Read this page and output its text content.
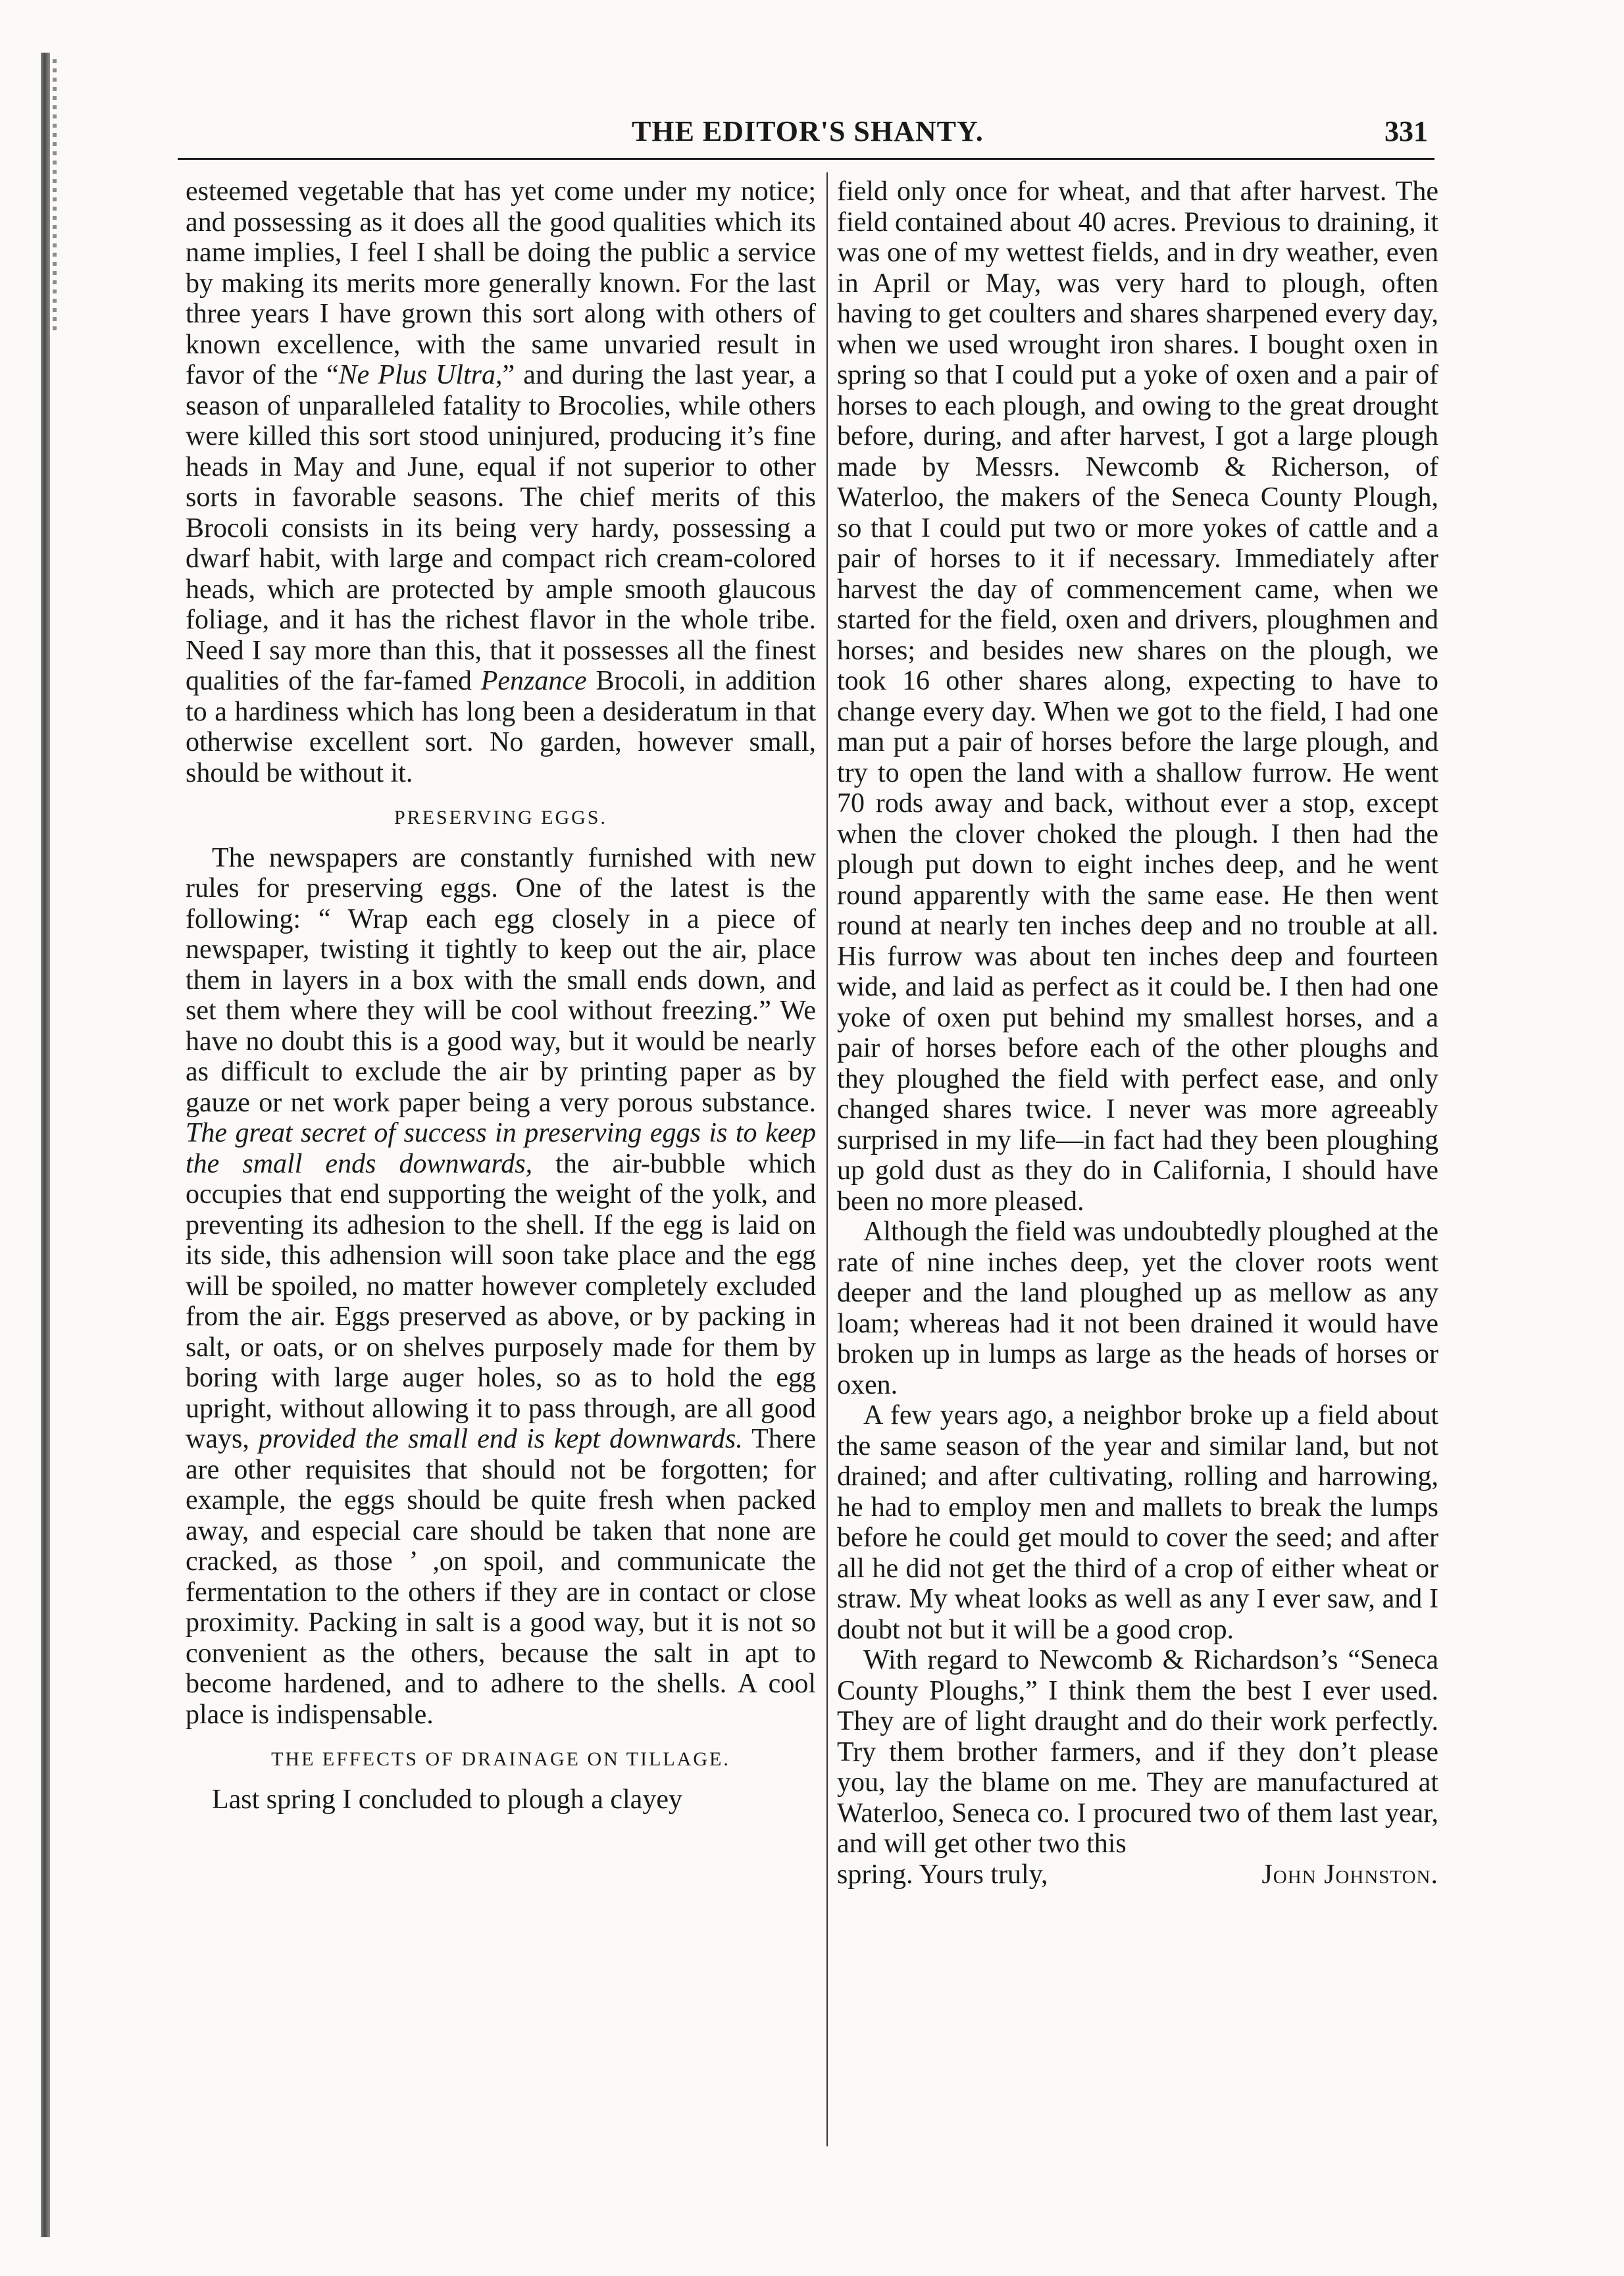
THE EDITOR'S SHANTY.	331

esteemed vegetable that has yet come under my notice; and possessing as it does all the good qualities which its name implies, I feel I shall be doing the public a service by making its merits more generally known. For the last three years I have grown this sort along with others of known excellence, with the same unvaried result in favor of the “Ne Plus Ultra,” and during the last year, a season of unparalleled fatality to Brocolies, while others were killed this sort stood uninjured, producing it’s fine heads in May and June, equal if not superior to other sorts in favorable seasons. The chief merits of this Brocoli consists in its being very hardy, possessing a dwarf habit, with large and compact rich cream-colored heads, which are protected by ample smooth glaucous foliage, and it has the richest flavor in the whole tribe. Need I say more than this, that it possesses all the finest qualities of the far-famed Penzance Brocoli, in addition to a hardiness which has long been a desideratum in that otherwise excellent sort. No garden, however small, should be without it.

PRESERVING EGGS.

The newspapers are constantly furnished with new rules for preserving eggs. One of the latest is the following: “ Wrap each egg closely in a piece of newspaper, twisting it tightly to keep out the air, place them in layers in a box with the small ends down, and set them where they will be cool without freezing.” We have no doubt this is a good way, but it would be nearly as difficult to exclude the air by printing paper as by gauze or net work paper being a very porous substance. The great secret of success in preserving eggs is to keep the small ends downwards, the air-bubble which occupies that end supporting the weight of the yolk, and preventing its adhesion to the shell. If the egg is laid on its side, this adhension will soon take place and the egg will be spoiled, no matter however completely excluded from the air. Eggs preserved as above, or by packing in salt, or oats, or on shelves purposely made for them by boring with large auger holes, so as to hold the egg upright, without allowing it to pass through, are all good ways, provided the small end is kept downwards. There are other requisites that should not be forgotten; for example, the eggs should be quite fresh when packed away, and especial care should be taken that none are cracked, as those ’ ,on spoil, and communicate the fermentation to the others if they are in contact or close proximity. Packing in salt is a good way, but it is not so convenient as the others, because the salt in apt to become hardened, and to adhere to the shells. A cool place is indispensable.

THE EFFECTS OF DRAINAGE ON TILLAGE.

Last spring I concluded to plough a clayey

field only once for wheat, and that after harvest. The field contained about 40 acres. Previous to draining, it was one of my wettest fields, and in dry weather, even in April or May, was very hard to plough, often having to get coulters and shares sharpened every day, when we used wrought iron shares. I bought oxen in spring so that I could put a yoke of oxen and a pair of horses to each plough, and owing to the great drought before, during, and after harvest, I got a large plough made by Messrs. Newcomb & Richerson, of Waterloo, the makers of the Seneca County Plough, so that I could put two or more yokes of cattle and a pair of horses to it if necessary. Immediately after harvest the day of commencement came, when we started for the field, oxen and drivers, ploughmen and horses; and besides new shares on the plough, we took 16 other shares along, expecting to have to change every day. When we got to the field, I had one man put a pair of horses before the large plough, and try to open the land with a shallow furrow. He went 70 rods away and back, without ever a stop, except when the clover choked the plough. I then had the plough put down to eight inches deep, and he went round apparently with the same ease. He then went round at nearly ten inches deep and no trouble at all. His furrow was about ten inches deep and fourteen wide, and laid as perfect as it could be. I then had one yoke of oxen put behind my smallest horses, and a pair of horses before each of the other ploughs and they ploughed the field with perfect ease, and only changed shares twice. I never was more agreeably surprised in my life—in fact had they been ploughing up gold dust as they do in California, I should have been no more pleased.

Although the field was undoubtedly ploughed at the rate of nine inches deep, yet the clover roots went deeper and the land ploughed up as mellow as any loam; whereas had it not been drained it would have broken up in lumps as large as the heads of horses or oxen.

A few years ago, a neighbor broke up a field about the same season of the year and similar land, but not drained; and after cultivating, rolling and harrowing, he had to employ men and mallets to break the lumps before he could get mould to cover the seed; and after all he did not get the third of a crop of either wheat or straw. My wheat looks as well as any I ever saw, and I doubt not but it will be a good crop.

With regard to Newcomb & Richardson’s “Seneca County Ploughs,” I think them the best I ever used. They are of light draught and do their work perfectly. Try them brother farmers, and if they don’t please you, lay the blame on me. They are manufactured at Waterloo, Seneca co. I procured two of them last year, and will get other two this

spring. Yours truly,	John Johnston.
